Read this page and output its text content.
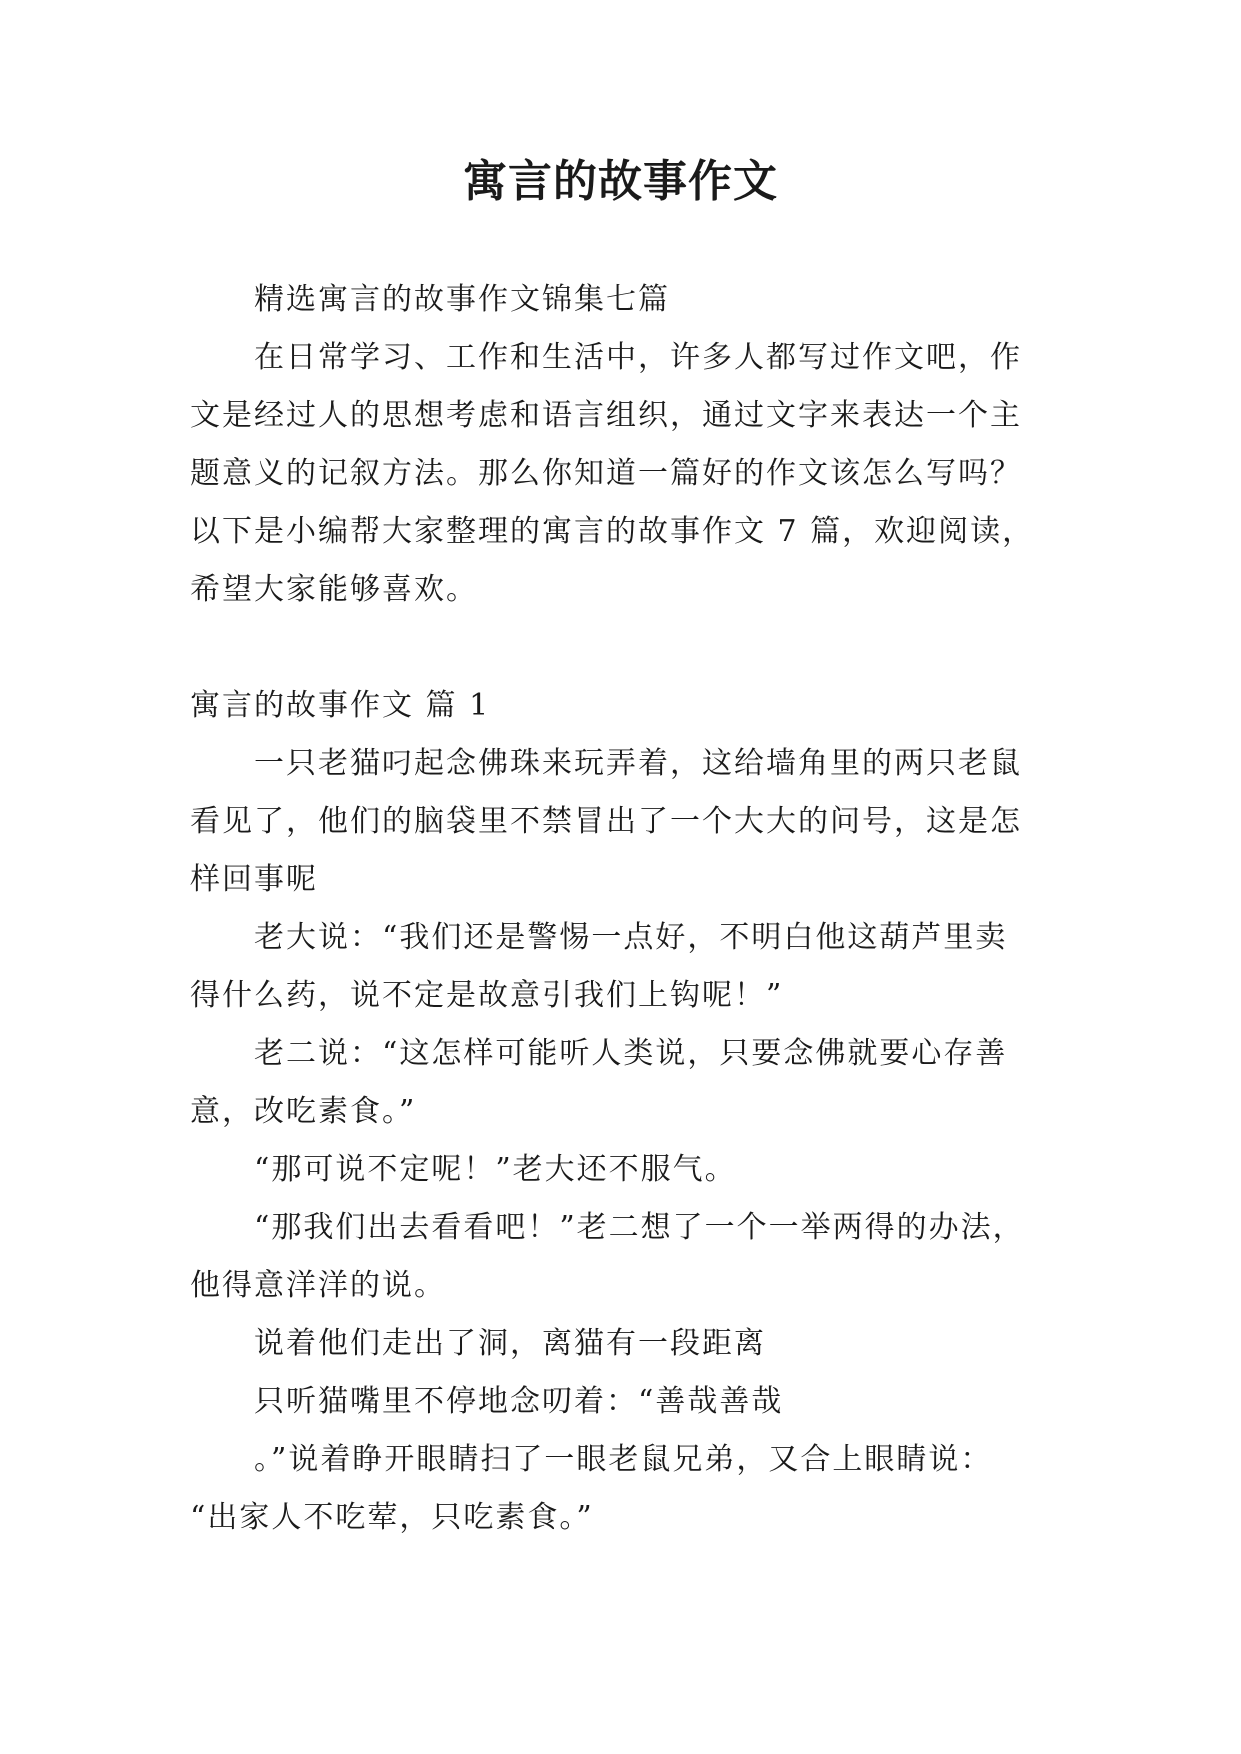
寓言的故事作文
精选寓言的故事作文锦集七篇
在日常学习、工作和生活中，许多人都写过作文吧，作
文是经过人的思想考虑和语言组织，通过文字来表达一个主
题意义的记叙方法。那么你知道一篇好的作文该怎么写吗？
以下是小编帮大家整理的寓言的故事作文 7 篇，欢迎阅读，
希望大家能够喜欢。
寓言的故事作文 篇 1
一只老猫叼起念佛珠来玩弄着，这给墙角里的两只老鼠
看见了，他们的脑袋里不禁冒出了一个大大的问号，这是怎
样回事呢
老大说：“我们还是警惕一点好，不明白他这葫芦里卖
得什么药，说不定是故意引我们上钩呢！”
老二说：“这怎样可能听人类说，只要念佛就要心存善
意，改吃素食。”
“那可说不定呢！”老大还不服气。
“那我们出去看看吧！”老二想了一个一举两得的办法，
他得意洋洋的说。
说着他们走出了洞，离猫有一段距离
只听猫嘴里不停地念叨着：“善哉善哉
。”说着睁开眼睛扫了一眼老鼠兄弟，又合上眼睛说：
“出家人不吃荤，只吃素食。”
